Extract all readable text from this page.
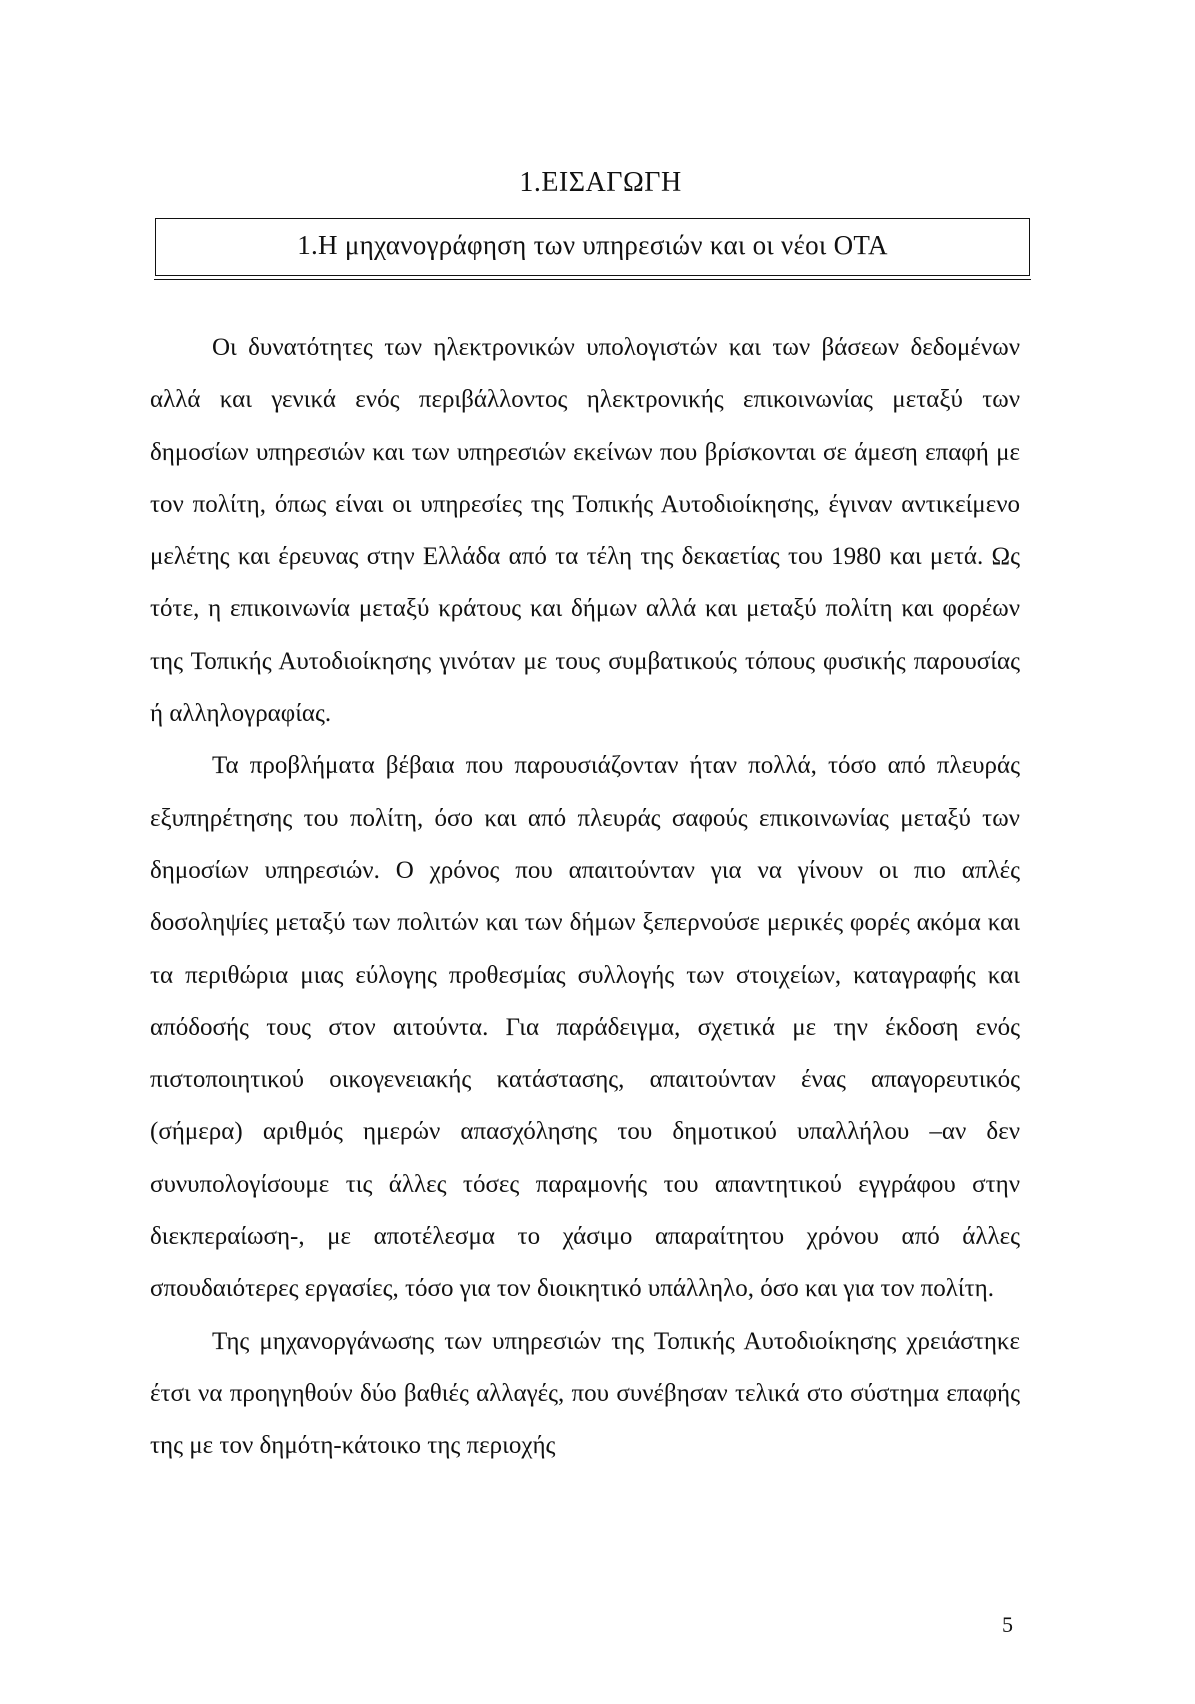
1.ΕΙΣΑΓΩΓΗ
1.Η μηχανογράφηση των υπηρεσιών και οι νέοι ΟΤΑ

Οι δυνατότητες των ηλεκτρονικών υπολογιστών και των βάσεων δεδομένων αλλά και γενικά ενός περιβάλλοντος ηλεκτρονικής επικοινωνίας μεταξύ των δημοσίων υπηρεσιών και των υπηρεσιών εκείνων που βρίσκονται σε άμεση επαφή με τον πολίτη, όπως είναι οι υπηρεσίες της Τοπικής Αυτοδιοίκησης, έγιναν αντικείμενο μελέτης και έρευνας στην Ελλάδα από τα τέλη της δεκαετίας του 1980 και μετά. Ως τότε, η επικοινωνία μεταξύ κράτους και δήμων αλλά και μεταξύ πολίτη και φορέων της Τοπικής Αυτοδιοίκησης γινόταν με τους συμβατικούς τόπους φυσικής παρουσίας ή αλληλογραφίας.

Τα προβλήματα βέβαια που παρουσιάζονταν ήταν πολλά, τόσο από πλευράς εξυπηρέτησης του πολίτη, όσο και από πλευράς σαφούς επικοινωνίας μεταξύ των δημοσίων υπηρεσιών. Ο χρόνος που απαιτούνταν για να γίνουν οι πιο απλές δοσοληψίες μεταξύ των πολιτών και των δήμων ξεπερνούσε μερικές φορές ακόμα και τα περιθώρια μιας εύλογης προθεσμίας συλλογής των στοιχείων, καταγραφής και απόδοσής τους στον αιτούντα. Για παράδειγμα, σχετικά με την έκδοση ενός πιστοποιητικού οικογενειακής κατάστασης, απαιτούνταν ένας απαγορευτικός (σήμερα) αριθμός ημερών απασχόλησης του δημοτικού υπαλλήλου –αν δεν συνυπολογίσουμε τις άλλες τόσες παραμονής του απαντητικού εγγράφου στην διεκπεραίωση-, με αποτέλεσμα το χάσιμο απαραίτητου χρόνου από άλλες σπουδαιότερες εργασίες, τόσο για τον διοικητικό υπάλληλο, όσο και για τον πολίτη.

Της μηχανοργάνωσης των υπηρεσιών της Τοπικής Αυτοδιοίκησης χρειάστηκε έτσι να προηγηθούν δύο βαθιές αλλαγές, που συνέβησαν τελικά στο σύστημα επαφής της με τον δημότη-κάτοικο της περιοχής

5
